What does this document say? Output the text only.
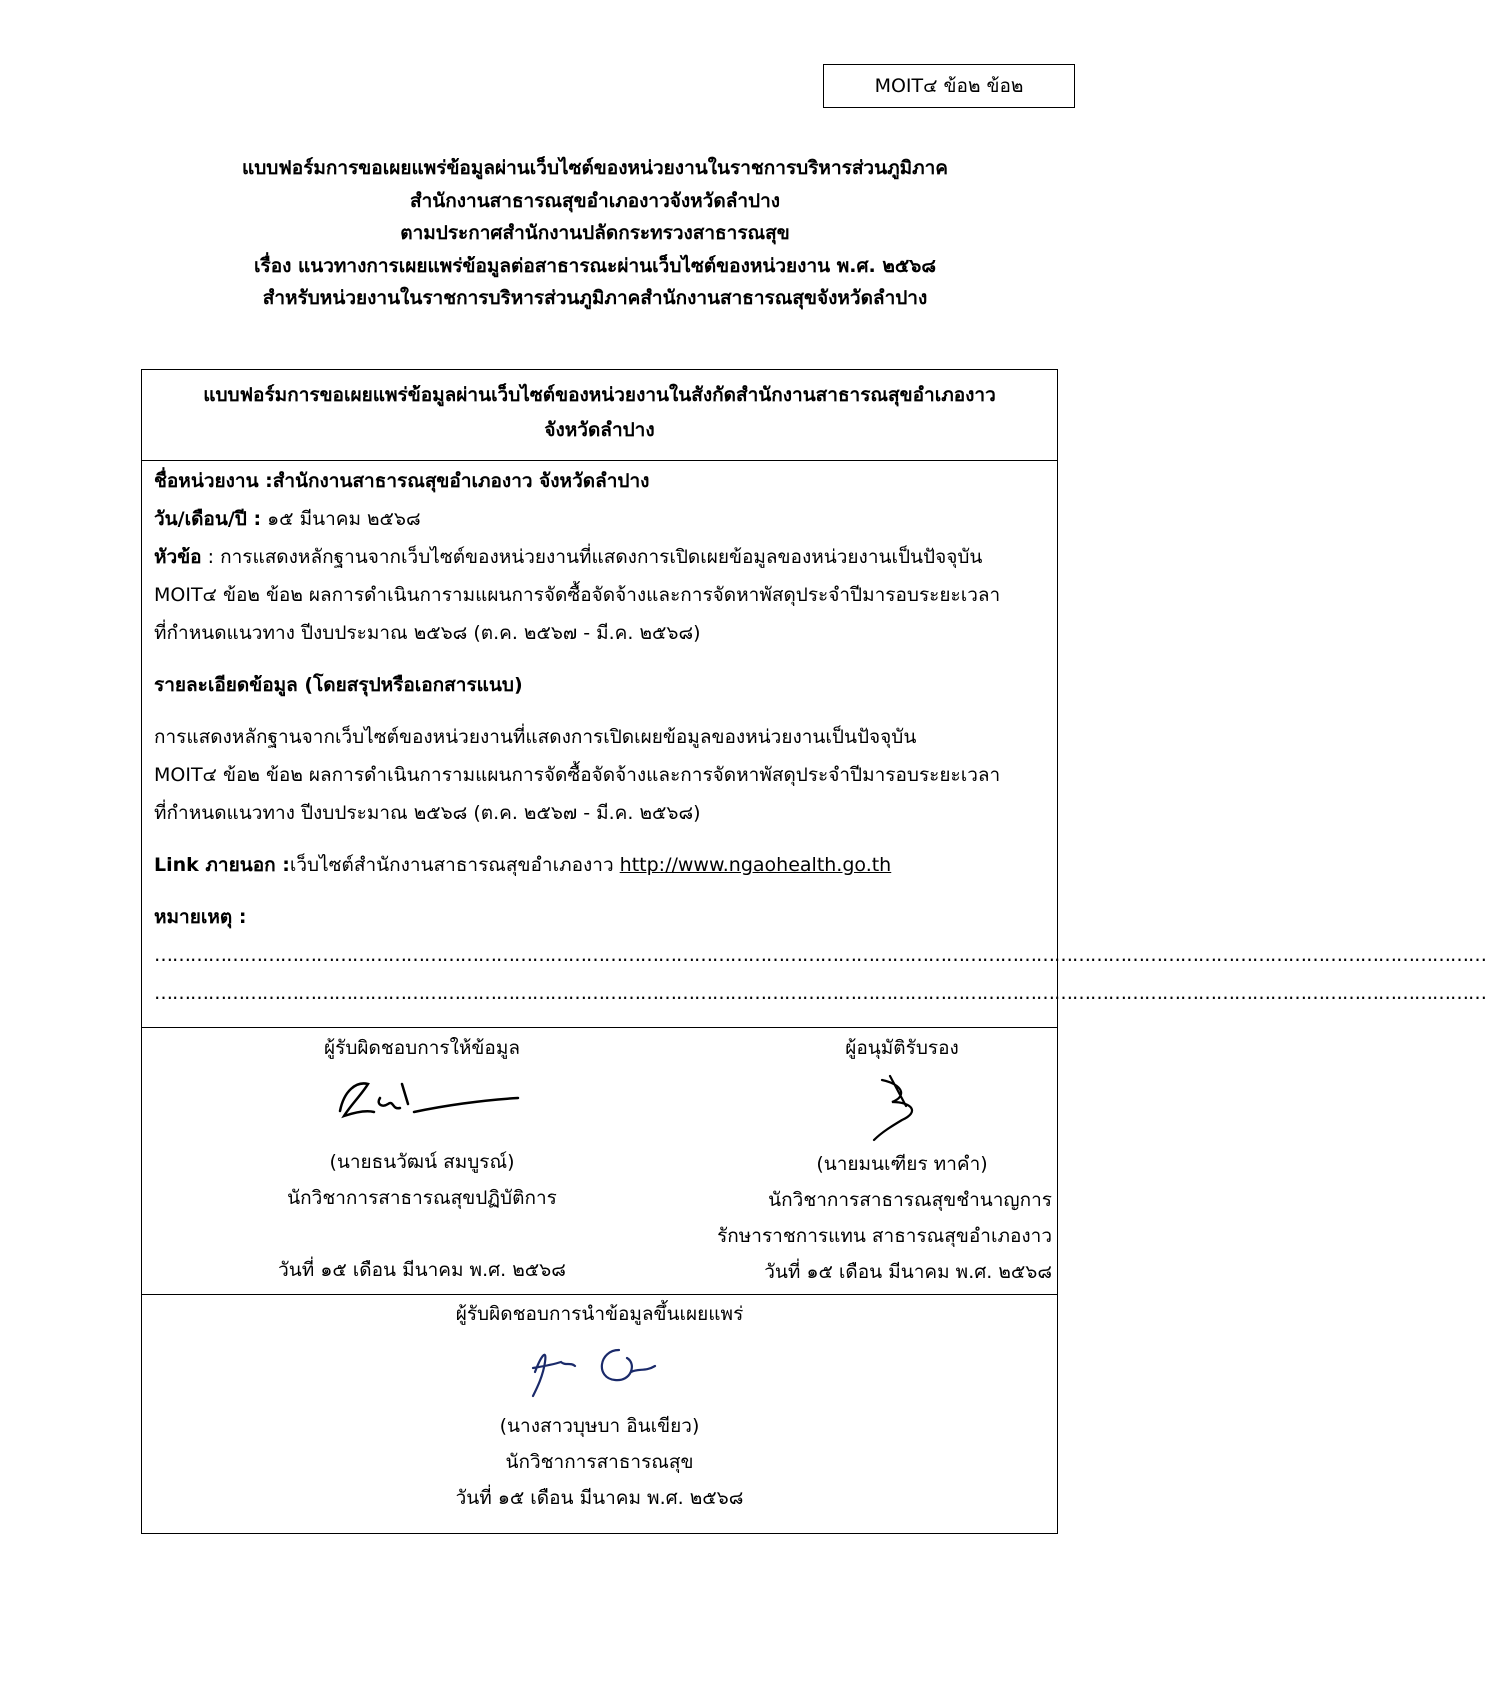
MOIT๔ ข้อ๒ ข้อ๒
แบบฟอร์มการขอเผยแพร่ข้อมูลผ่านเว็บไซต์ของหน่วยงานในราชการบริหารส่วนภูมิภาค
สำนักงานสาธารณสุขอำเภองาวจังหวัดลำปาง
ตามประกาศสำนักงานปลัดกระทรวงสาธารณสุข
เรื่อง แนวทางการเผยแพร่ข้อมูลต่อสาธารณะผ่านเว็บไซต์ของหน่วยงาน พ.ศ. ๒๕๖๘
สำหรับหน่วยงานในราชการบริหารส่วนภูมิภาคสำนักงานสาธารณสุขจังหวัดลำปาง
แบบฟอร์มการขอเผยแพร่ข้อมูลผ่านเว็บไซต์ของหน่วยงานในสังกัดสำนักงานสาธารณสุขอำเภองาว
จังหวัดลำปาง
ชื่อหน่วยงาน :สำนักงานสาธารณสุขอำเภองาว จังหวัดลำปาง
วัน/เดือน/ปี : ๑๕ มีนาคม ๒๕๖๘
หัวข้อ : การแสดงหลักฐานจากเว็บไซต์ของหน่วยงานที่แสดงการเปิดเผยข้อมูลของหน่วยงานเป็นปัจจุบัน
MOIT๔ ข้อ๒ ข้อ๒ ผลการดำเนินการามแผนการจัดซื้อจัดจ้างและการจัดหาพัสดุประจำปีมารอบระยะเวลา
ที่กำหนดแนวทาง ปีงบประมาณ ๒๕๖๘ (ต.ค. ๒๕๖๗ - มี.ค. ๒๕๖๘)
รายละเอียดข้อมูล (โดยสรุปหรือเอกสารแนบ)
การแสดงหลักฐานจากเว็บไซต์ของหน่วยงานที่แสดงการเปิดเผยข้อมูลของหน่วยงานเป็นปัจจุบัน
MOIT๔ ข้อ๒ ข้อ๒ ผลการดำเนินการามแผนการจัดซื้อจัดจ้างและการจัดหาพัสดุประจำปีมารอบระยะเวลา
ที่กำหนดแนวทาง ปีงบประมาณ ๒๕๖๘ (ต.ค. ๒๕๖๗ - มี.ค. ๒๕๖๘)
Link ภายนอก :เว็บไซต์สำนักงานสาธารณสุขอำเภองาว http://www.ngaohealth.go.th
หมายเหตุ :
……………………………………………………………………………………………………………………………………………………………………………………………………
……………………………………………………………………………………………………………………………………………………………………………………………………
ผู้รับผิดชอบการให้ข้อมูล
(นายธนวัฒน์ สมบูรณ์)
นักวิชาการสาธารณสุขปฏิบัติการ
วันที่ ๑๕ เดือน มีนาคม พ.ศ. ๒๕๖๘
ผู้อนุมัติรับรอง
(นายมนเฑียร ทาคำ)
นักวิชาการสาธารณสุขชำนาญการ
รักษาราชการแทน สาธารณสุขอำเภองาว
วันที่ ๑๕ เดือน มีนาคม พ.ศ. ๒๕๖๘
ผู้รับผิดชอบการนำข้อมูลขึ้นเผยแพร่
(นางสาวบุษบา อินเขียว)
นักวิชาการสาธารณสุข
วันที่ ๑๕ เดือน มีนาคม พ.ศ. ๒๕๖๘
